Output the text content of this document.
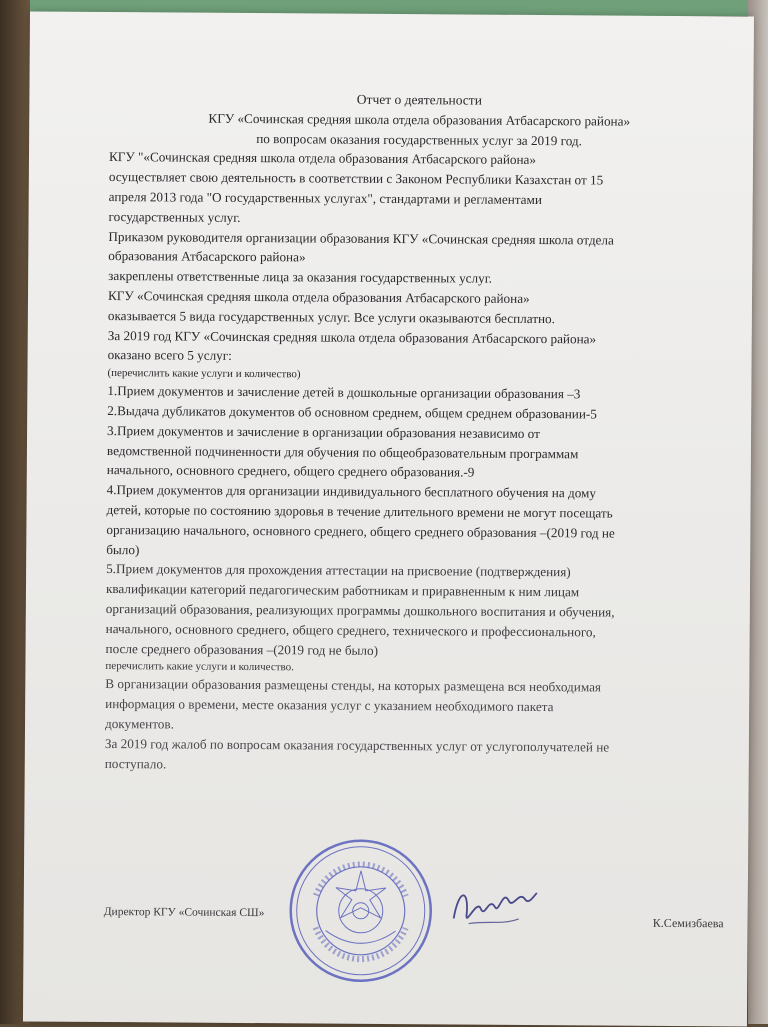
Отчет о деятельности

КГУ «Сочинская средняя школа отдела образования Атбасарского района»

по вопросам оказания государственных услуг за 2019 год.

КГУ "«Сочинская средняя школа отдела образования Атбасарского района»

осуществляет свою деятельность в соответствии с Законом Республики Казахстан от 15

апреля 2013 года "О государственных услугах", стандартами и регламентами

государственных услуг.

Приказом руководителя организации образования КГУ «Сочинская средняя школа отдела

образования Атбасарского района»

закреплены ответственные лица за оказания государственных услуг.

КГУ «Сочинская средняя школа отдела образования Атбасарского района»

оказывается 5 вида государственных услуг. Все услуги оказываются бесплатно.

За 2019 год КГУ «Сочинская средняя школа отдела образования Атбасарского района»

оказано всего 5 услуг:

(перечислить какие услуги и количество)

1.Прием документов и зачисление детей в дошкольные организации образования –3

2.Выдача дубликатов документов об основном среднем, общем среднем образовании-5

3.Прием документов и зачисление в организации образования независимо от

ведомственной подчиненности для обучения по общеобразовательным программам

начального, основного среднего, общего среднего образования.-9

4.Прием документов для организации индивидуального бесплатного обучения на дому

детей, которые по состоянию здоровья в течение длительного времени не могут посещать

организацию начального, основного среднего, общего среднего образования –(2019 год не

было)

5.Прием документов для прохождения аттестации на присвоение (подтверждения)

квалификации категорий педагогическим работникам и приравненным к ним лицам

организаций образования, реализующих программы дошкольного воспитания и обучения,

начального, основного среднего, общего среднего, технического и профессионального,

после среднего образования –(2019 год не было)

перечислить какие услуги и количество.

В организации образования размещены стенды, на которых размещена вся необходимая

информация о времени, месте оказания услуг с указанием необходимого пакета

документов.

За 2019 год жалоб по вопросам оказания государственных услуг от услугополучателей не

поступало.

Директор КГУ «Сочинская СШ»
К.Семизбаева
